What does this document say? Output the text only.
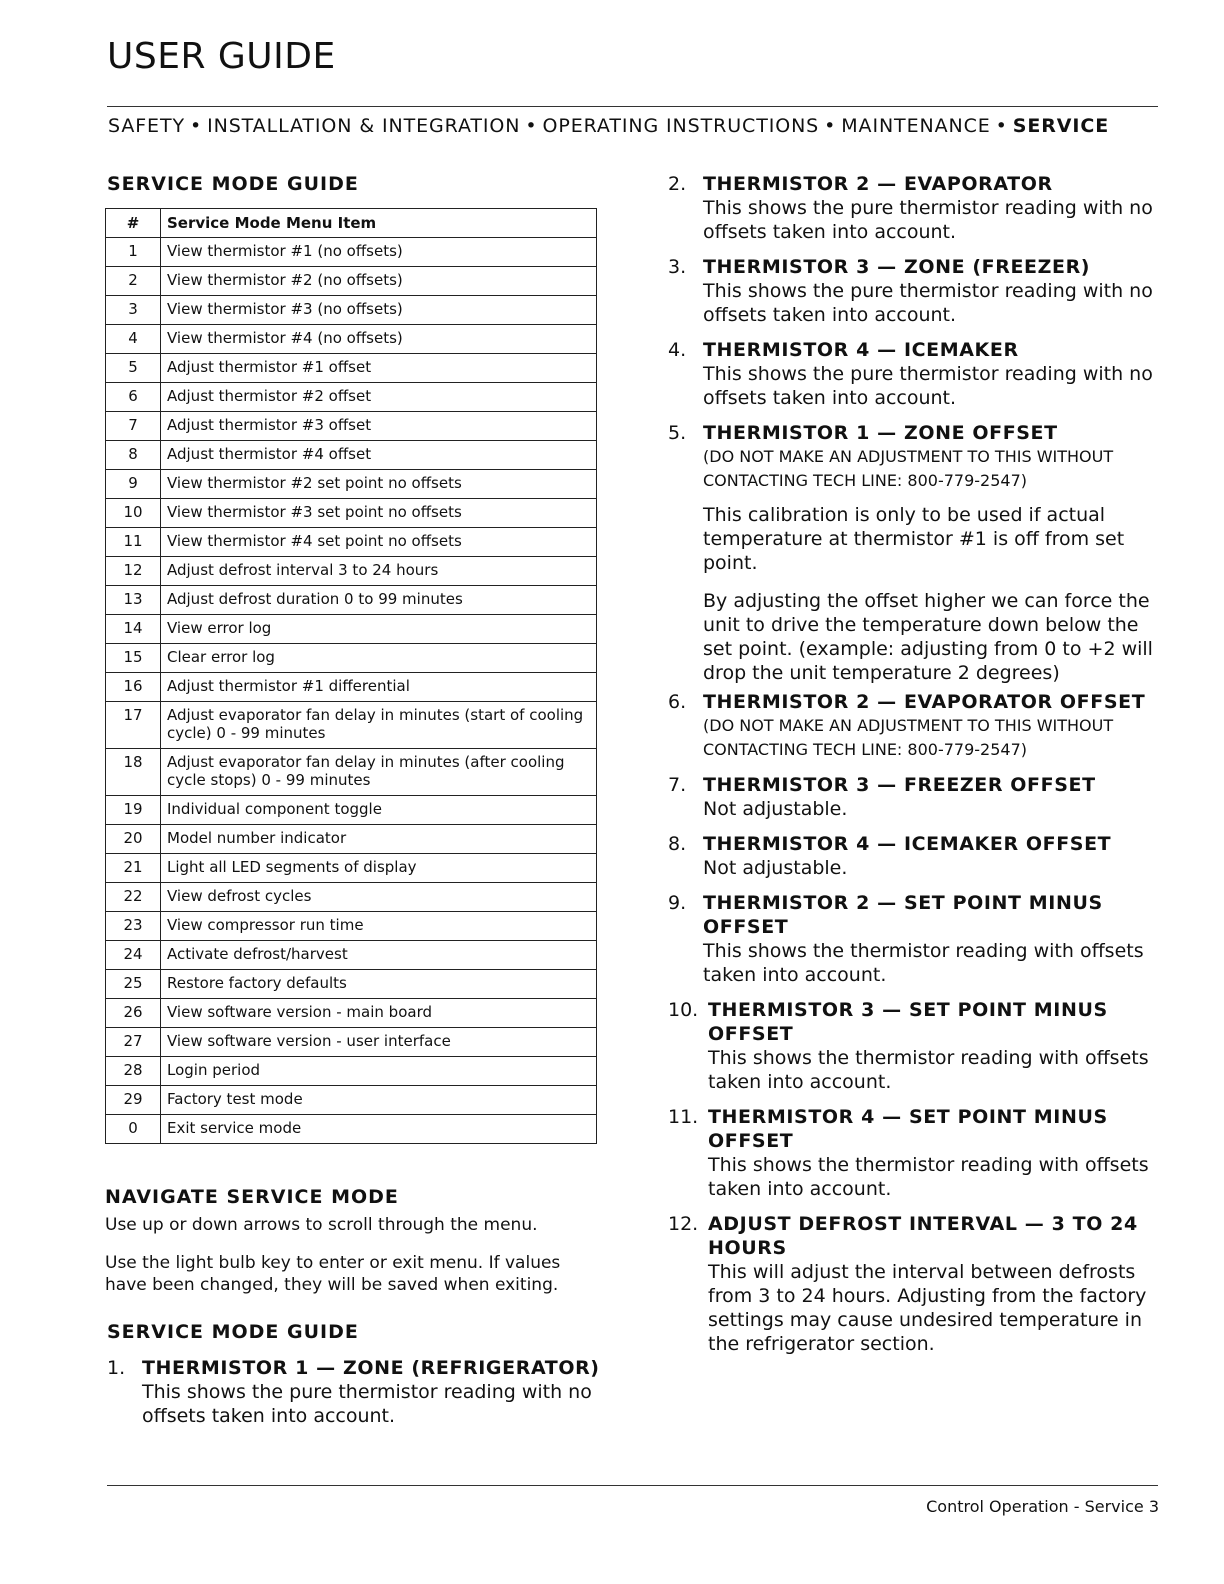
USER GUIDE
SAFETY • INSTALLATION & INTEGRATION • OPERATING INSTRUCTIONS • MAINTENANCE • SERVICE
SERVICE MODE GUIDE
#	Service Mode Menu Item
1	View thermistor #1 (no offsets)
2	View thermistor #2 (no offsets)
3	View thermistor #3 (no offsets)
4	View thermistor #4 (no offsets)
5	Adjust thermistor #1 offset
6	Adjust thermistor #2 offset
7	Adjust thermistor #3 offset
8	Adjust thermistor #4 offset
9	View thermistor #2 set point no offsets
10	View thermistor #3 set point no offsets
11	View thermistor #4 set point no offsets
12	Adjust defrost interval 3 to 24 hours
13	Adjust defrost duration 0 to 99 minutes
14	View error log
15	Clear error log
16	Adjust thermistor #1 differential
17	Adjust evaporator fan delay in minutes (start of cooling cycle) 0 - 99 minutes
18	Adjust evaporator fan delay in minutes (after cooling cycle stops) 0 - 99 minutes
19	Individual component toggle
20	Model number indicator
21	Light all LED segments of display
22	View defrost cycles
23	View compressor run time
24	Activate defrost/harvest
25	Restore factory defaults
26	View software version - main board
27	View software version - user interface
28	Login period
29	Factory test mode
0	Exit service mode
NAVIGATE SERVICE MODE

Use up or down arrows to scroll through the menu.

Use the light bulb key to enter or exit menu. If values have been changed, they will be saved when exiting.

SERVICE MODE GUIDE
1. THERMISTOR 1 — ZONE (REFRIGERATOR)
This shows the pure thermistor reading with no offsets taken into account.
2. THERMISTOR 2 — EVAPORATOR
This shows the pure thermistor reading with no offsets taken into account.
3. THERMISTOR 3 — ZONE (FREEZER)
This shows the pure thermistor reading with no offsets taken into account.
4. THERMISTOR 4 — ICEMAKER
This shows the pure thermistor reading with no offsets taken into account.
5. THERMISTOR 1 — ZONE OFFSET
(DO NOT MAKE AN ADJUSTMENT TO THIS WITHOUT CONTACTING TECH LINE: 800-779-2547)
This calibration is only to be used if actual temperature at thermistor #1 is off from set point.
By adjusting the offset higher we can force the unit to drive the temperature down below the set point. (example: adjusting from 0 to +2 will drop the unit temperature 2 degrees)
6. THERMISTOR 2 — EVAPORATOR OFFSET
(DO NOT MAKE AN ADJUSTMENT TO THIS WITHOUT CONTACTING TECH LINE: 800-779-2547)
7. THERMISTOR 3 — FREEZER OFFSET
Not adjustable.
8. THERMISTOR 4 — ICEMAKER OFFSET
Not adjustable.
9. THERMISTOR 2 — SET POINT MINUS OFFSET
This shows the thermistor reading with offsets taken into account.
10. THERMISTOR 3 — SET POINT MINUS OFFSET
This shows the thermistor reading with offsets taken into account.
11. THERMISTOR 4 — SET POINT MINUS OFFSET
This shows the thermistor reading with offsets taken into account.
12. ADJUST DEFROST INTERVAL — 3 TO 24 HOURS
This will adjust the interval between defrosts from 3 to 24 hours. Adjusting from the factory settings may cause undesired temperature in the refrigerator section.
Control Operation - Service 3
